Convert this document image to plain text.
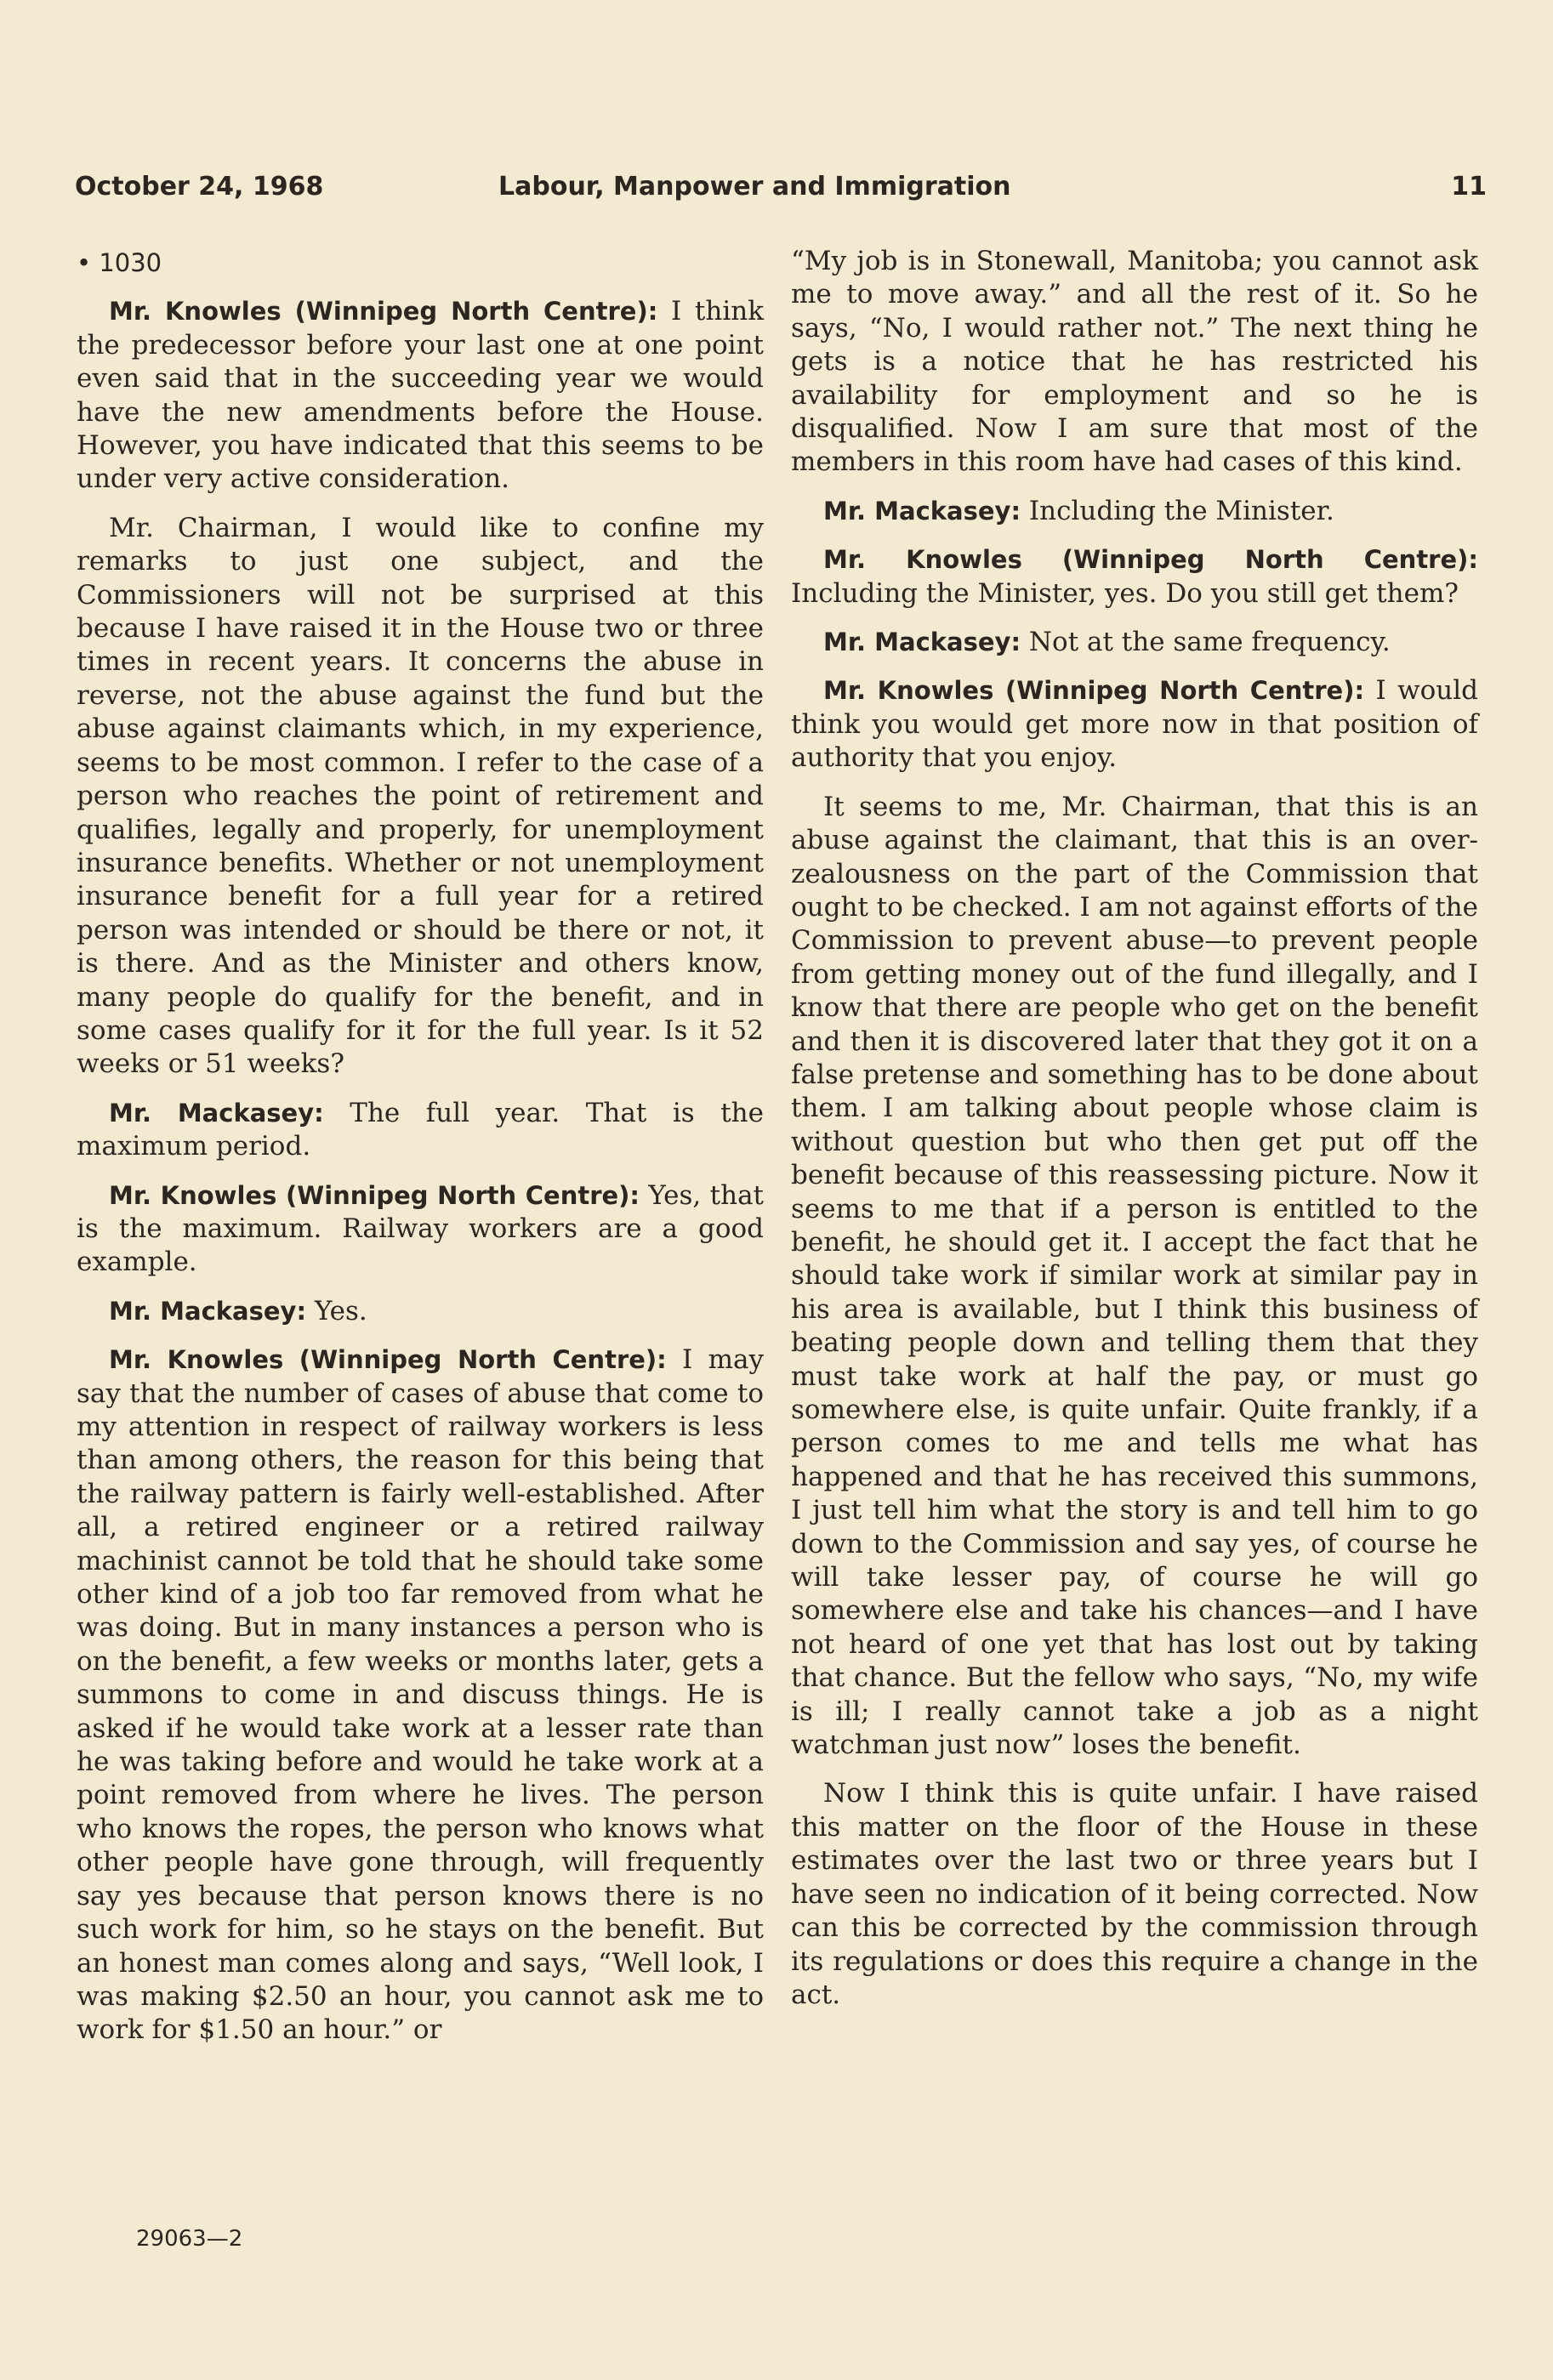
October 24, 1968	Labour, Manpower and Immigration	11

• 1030

Mr. Knowles (Winnipeg North Centre): I think the predecessor before your last one at one point even said that in the succeeding year we would have the new amendments before the House. However, you have indicated that this seems to be under very active consideration.

Mr. Chairman, I would like to confine my remarks to just one subject, and the Commissioners will not be surprised at this because I have raised it in the House two or three times in recent years. It concerns the abuse in reverse, not the abuse against the fund but the abuse against claimants which, in my experience, seems to be most common. I refer to the case of a person who reaches the point of retirement and qualifies, legally and properly, for unemployment insurance benefits. Whether or not unemployment insurance benefit for a full year for a retired person was intended or should be there or not, it is there. And as the Minister and others know, many people do qualify for the benefit, and in some cases qualify for it for the full year. Is it 52 weeks or 51 weeks?

Mr. Mackasey: The full year. That is the maximum period.

Mr. Knowles (Winnipeg North Centre): Yes, that is the maximum. Railway workers are a good example.

Mr. Mackasey: Yes.

Mr. Knowles (Winnipeg North Centre): I may say that the number of cases of abuse that come to my attention in respect of railway workers is less than among others, the reason for this being that the railway pattern is fairly well-established. After all, a retired engineer or a retired railway machinist cannot be told that he should take some other kind of a job too far removed from what he was doing. But in many instances a person who is on the benefit, a few weeks or months later, gets a summons to come in and discuss things. He is asked if he would take work at a lesser rate than he was taking before and would he take work at a point removed from where he lives. The person who knows the ropes, the person who knows what other people have gone through, will frequently say yes because that person knows there is no such work for him, so he stays on the benefit. But an honest man comes along and says, “Well look, I was making $2.50 an hour, you cannot ask me to work for $1.50 an hour.” or

“My job is in Stonewall, Manitoba; you cannot ask me to move away.” and all the rest of it. So he says, “No, I would rather not.” The next thing he gets is a notice that he has restricted his availability for employment and so he is disqualified. Now I am sure that most of the members in this room have had cases of this kind.

Mr. Mackasey: Including the Minister.

Mr. Knowles (Winnipeg North Centre): Including the Minister, yes. Do you still get them?

Mr. Mackasey: Not at the same frequency.

Mr. Knowles (Winnipeg North Centre): I would think you would get more now in that position of authority that you enjoy.

It seems to me, Mr. Chairman, that this is an abuse against the claimant, that this is an over-zealousness on the part of the Commission that ought to be checked. I am not against efforts of the Commission to prevent abuse—to prevent people from getting money out of the fund illegally, and I know that there are people who get on the benefit and then it is discovered later that they got it on a false pretense and something has to be done about them. I am talking about people whose claim is without question but who then get put off the benefit because of this reassessing picture. Now it seems to me that if a person is entitled to the benefit, he should get it. I accept the fact that he should take work if similar work at similar pay in his area is available, but I think this business of beating people down and telling them that they must take work at half the pay, or must go somewhere else, is quite unfair. Quite frankly, if a person comes to me and tells me what has happened and that he has received this summons, I just tell him what the story is and tell him to go down to the Commission and say yes, of course he will take lesser pay, of course he will go somewhere else and take his chances—and I have not heard of one yet that has lost out by taking that chance. But the fellow who says, “No, my wife is ill; I really cannot take a job as a night watchman just now” loses the benefit.

Now I think this is quite unfair. I have raised this matter on the floor of the House in these estimates over the last two or three years but I have seen no indication of it being corrected. Now can this be corrected by the commission through its regulations or does this require a change in the act.

29063—2
